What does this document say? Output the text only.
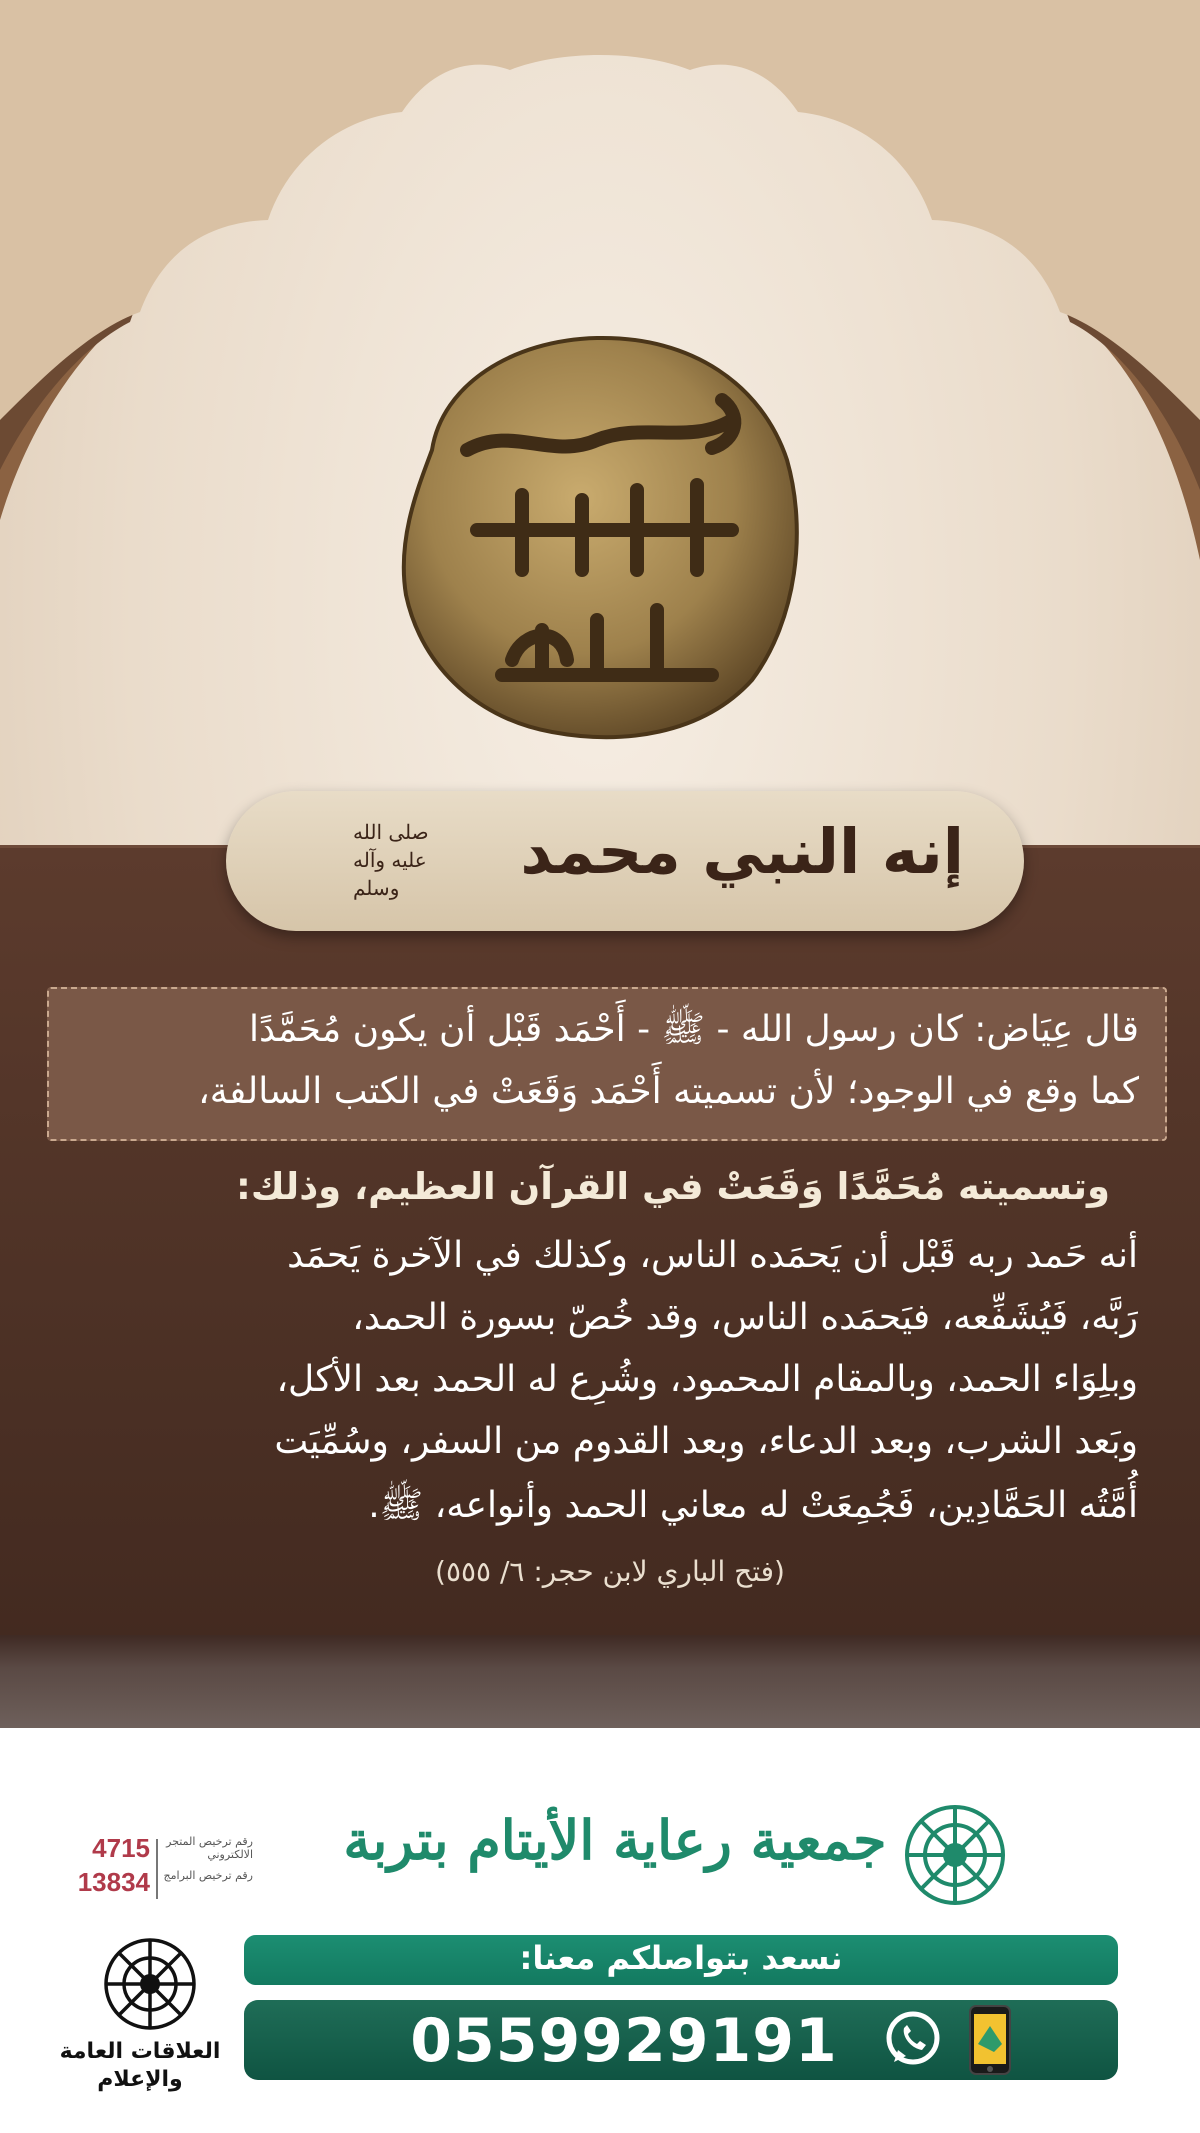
صلى الله
عليه وآله
وسلم إنه النبي محمد
قال عِيَاض: كان رسول الله - ﷺ - أَحْمَد قَبْل أن يكون مُحَمَّدًا
كما وقع في الوجود؛ لأن تسميته أَحْمَد وَقَعَتْ في الكتب السالفة،
وتسميته مُحَمَّدًا وَقَعَتْ في القرآن العظيم، وذلك:
أنه حَمد ربه قَبْل أن يَحمَده الناس، وكذلك في الآخرة يَحمَد
رَبَّه، فَيُشَفِّعه، فيَحمَده الناس، وقد خُصّ بسورة الحمد،
وبلِوَاء الحمد، وبالمقام المحمود، وشُرِع له الحمد بعد الأكل،
وبَعد الشرب، وبعد الدعاء، وبعد القدوم من السفر، وسُمِّيَت
أُمَّتُه الحَمَّادِين، فَجُمِعَتْ له معاني الحمد وأنواعه، ﷺ.
(فتح الباري لابن حجر: ٦/ ٥٥٥)
جمعية رعاية الأيتام بتربة
4715
13834
رقم ترخيص المتجر الالكتروني
رقم ترخيص البرامج
العلاقات العامة
والإعلام
نسعد بتواصلكم معنا:
0559929191
